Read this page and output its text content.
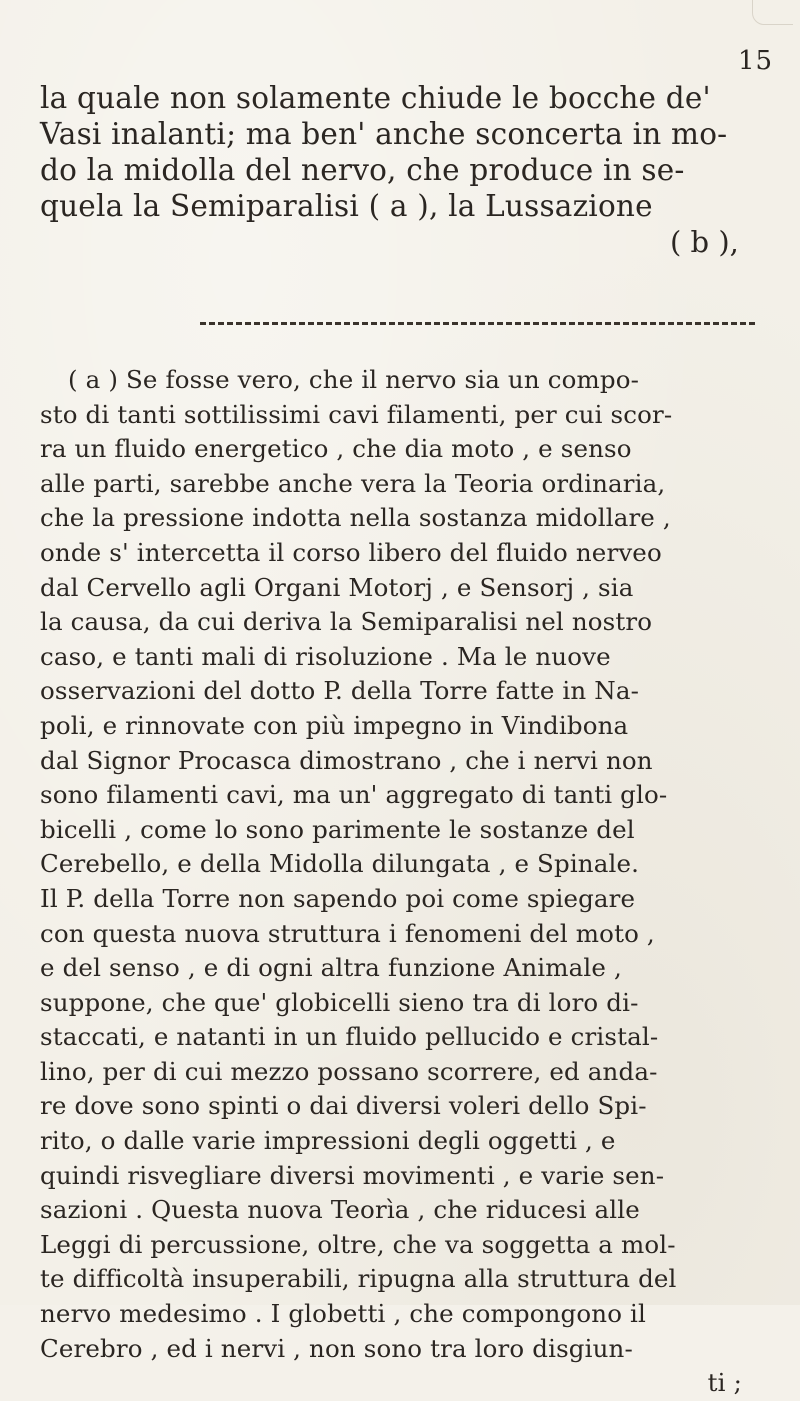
15
la quale non solamente chiude le bocche de'
Vasi inalanti; ma ben' anche sconcerta in mo-
do la midolla del nervo, che produce in se-
quela la Semiparalisi ( a ), la Lussazione
( b ),
( a ) Se fosse vero, che il nervo sia un compo-
sto di tanti sottilissimi cavi filamenti, per cui scor-
ra un fluido energetico , che dia moto , e senso
alle parti, sarebbe anche vera la Teoria ordinaria,
che la pressione indotta nella sostanza midollare ,
onde s' intercetta il corso libero del fluido nerveo
dal Cervello agli Organi Motorj , e Sensorj , sia
la causa, da cui deriva la Semiparalisi nel nostro
caso, e tanti mali di risoluzione . Ma le nuove
osservazioni del dotto P. della Torre fatte in Na-
poli, e rinnovate con più impegno in Vindibona
dal Signor Procasca dimostrano , che i nervi non
sono filamenti cavi, ma un' aggregato di tanti glo-
bicelli , come lo sono parimente le sostanze del
Cerebello, e della Midolla dilungata , e Spinale.
Il P. della Torre non sapendo poi come spiegare
con questa nuova struttura i fenomeni del moto ,
e del senso , e di ogni altra funzione Animale ,
suppone, che que' globicelli sieno tra di loro di-
staccati, e natanti in un fluido pellucido e cristal-
lino, per di cui mezzo possano scorrere, ed anda-
re dove sono spinti o dai diversi voleri dello Spi-
rito, o dalle varie impressioni degli oggetti , e
quindi risvegliare diversi movimenti , e varie sen-
sazioni . Questa nuova Teorìa , che riducesi alle
Leggi di percussione, oltre, che va soggetta a mol-
te difficoltà insuperabili, ripugna alla struttura del
nervo medesimo . I globetti , che compongono il
Cerebro , ed i nervi , non sono tra loro disgiun-
ti ;
